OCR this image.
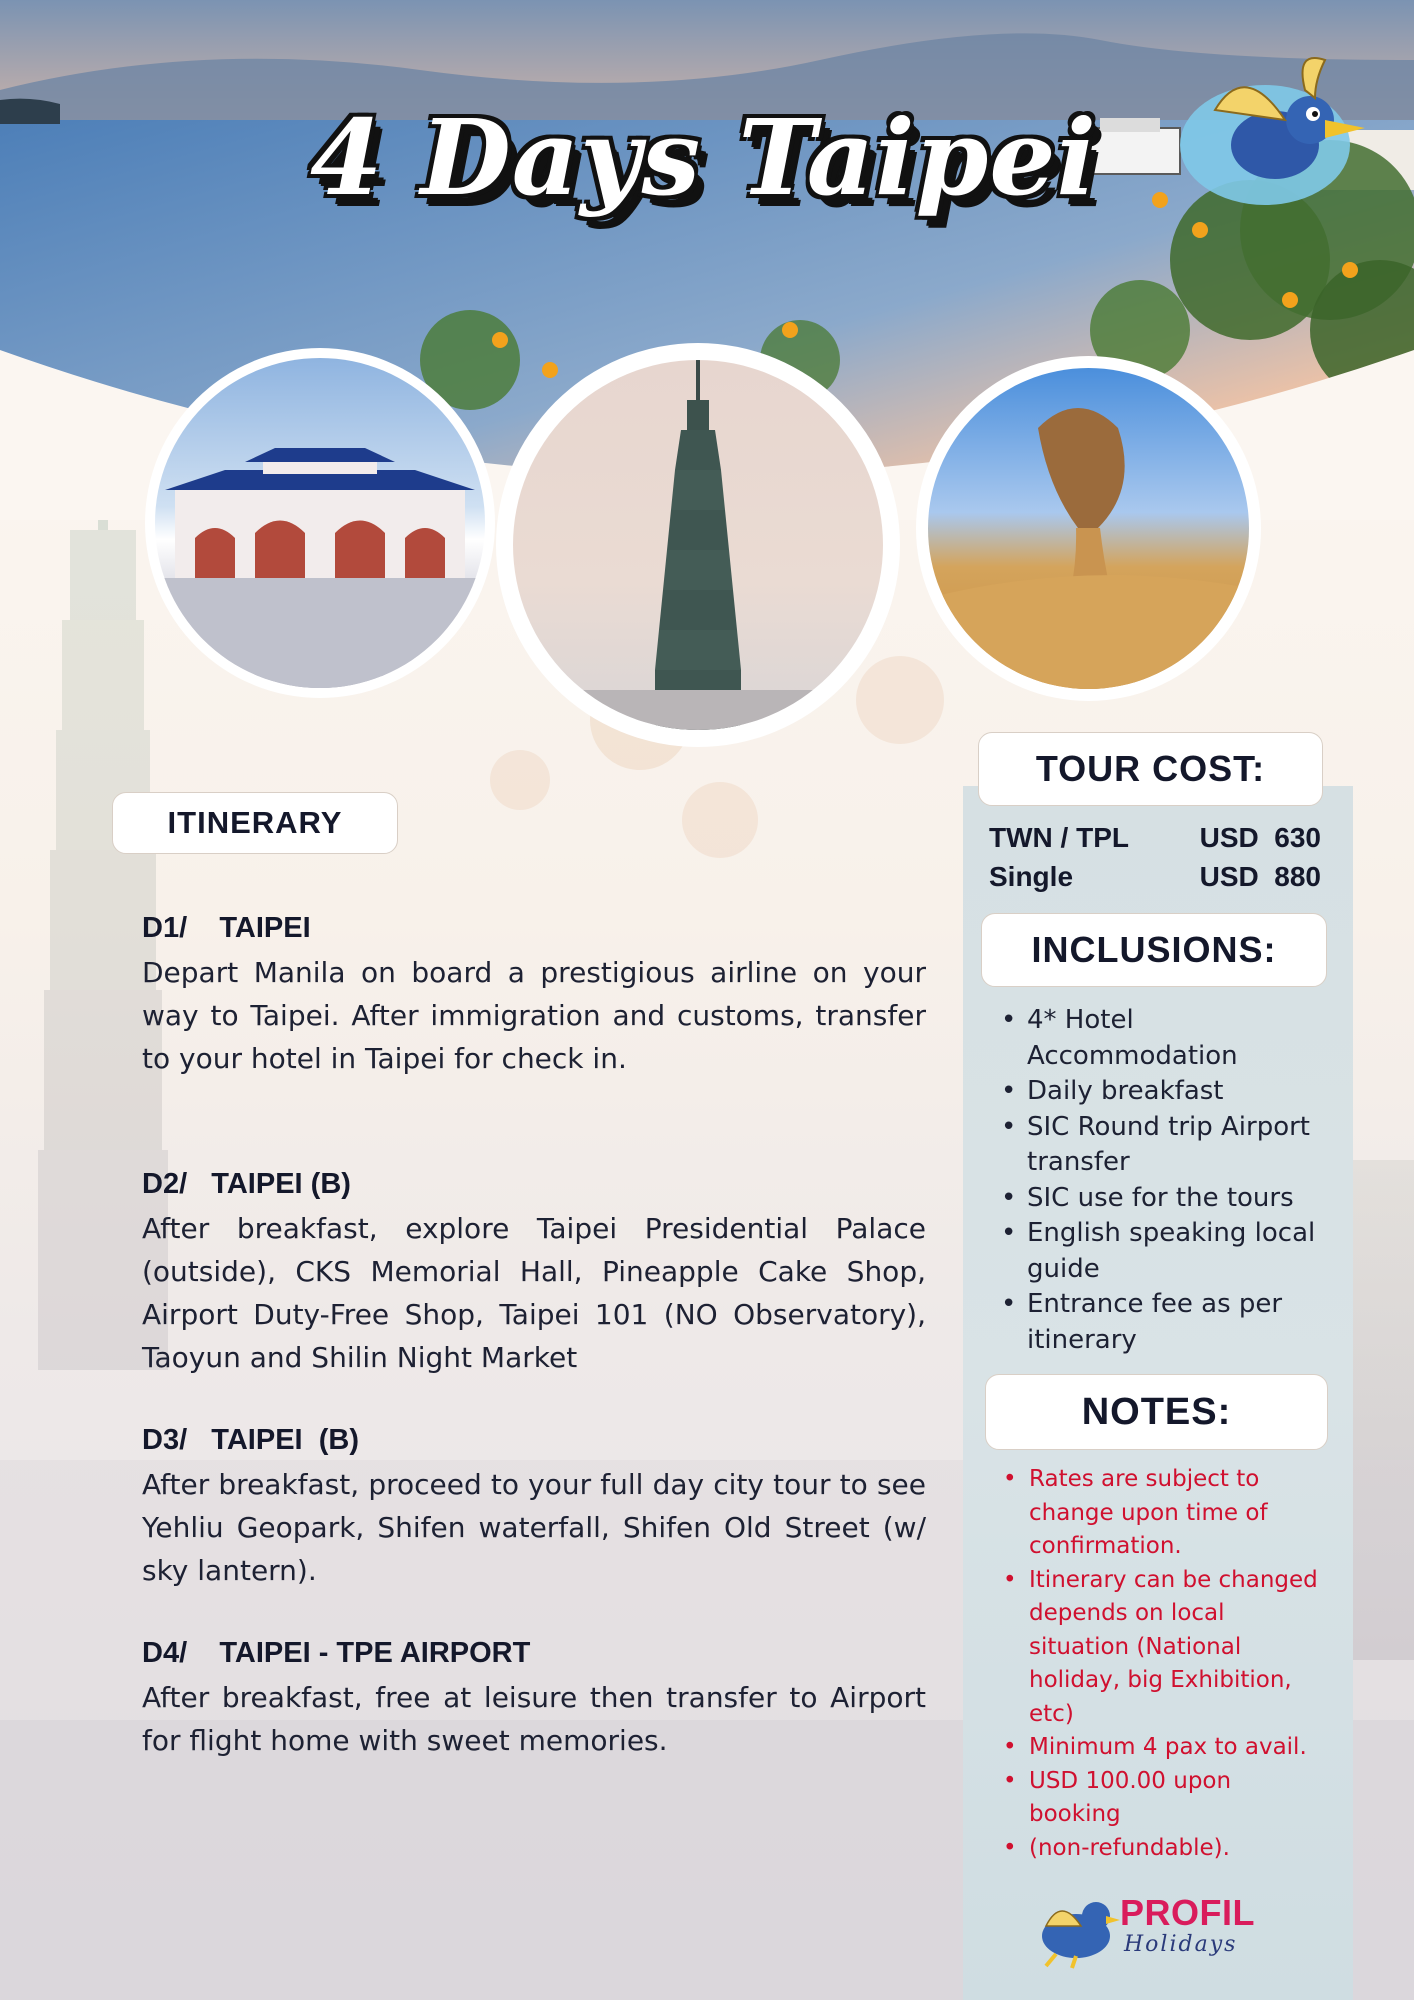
4 Days Taipei
ITINERARY
D1/    TAIPEI
Depart Manila on board a prestigious airline on your way to Taipei. After immigration and customs, transfer to your hotel in Taipei for check in.
D2/   TAIPEI (B)
After breakfast, explore Taipei Presidential Palace (outside), CKS Memorial Hall, Pineapple Cake Shop, Airport Duty-Free Shop, Taipei 101 (NO Observatory), Taoyun and Shilin Night Market
D3/   TAIPEI  (B)
After breakfast, proceed to your full day city tour to see Yehliu Geopark, Shifen waterfall, Shifen Old Street (w/ sky lantern).
D4/    TAIPEI - TPE AIRPORT
After breakfast, free at leisure then transfer to Airport for flight home with sweet memories.
TOUR COST:
TWN / TPL	USD  630
Single	USD  880
INCLUSIONS:
• 4* Hotel Accommodation
• Daily breakfast
• SIC Round trip Airport transfer
• SIC use for the tours
• English speaking local guide
• Entrance fee as per itinerary
NOTES:
• Rates are subject to change upon time of confirmation.
• Itinerary can be changed depends on local situation (National holiday, big Exhibition, etc)
• Minimum 4 pax to avail.
• USD 100.00 upon booking
• (non-refundable).
PROFIL
Holidays
